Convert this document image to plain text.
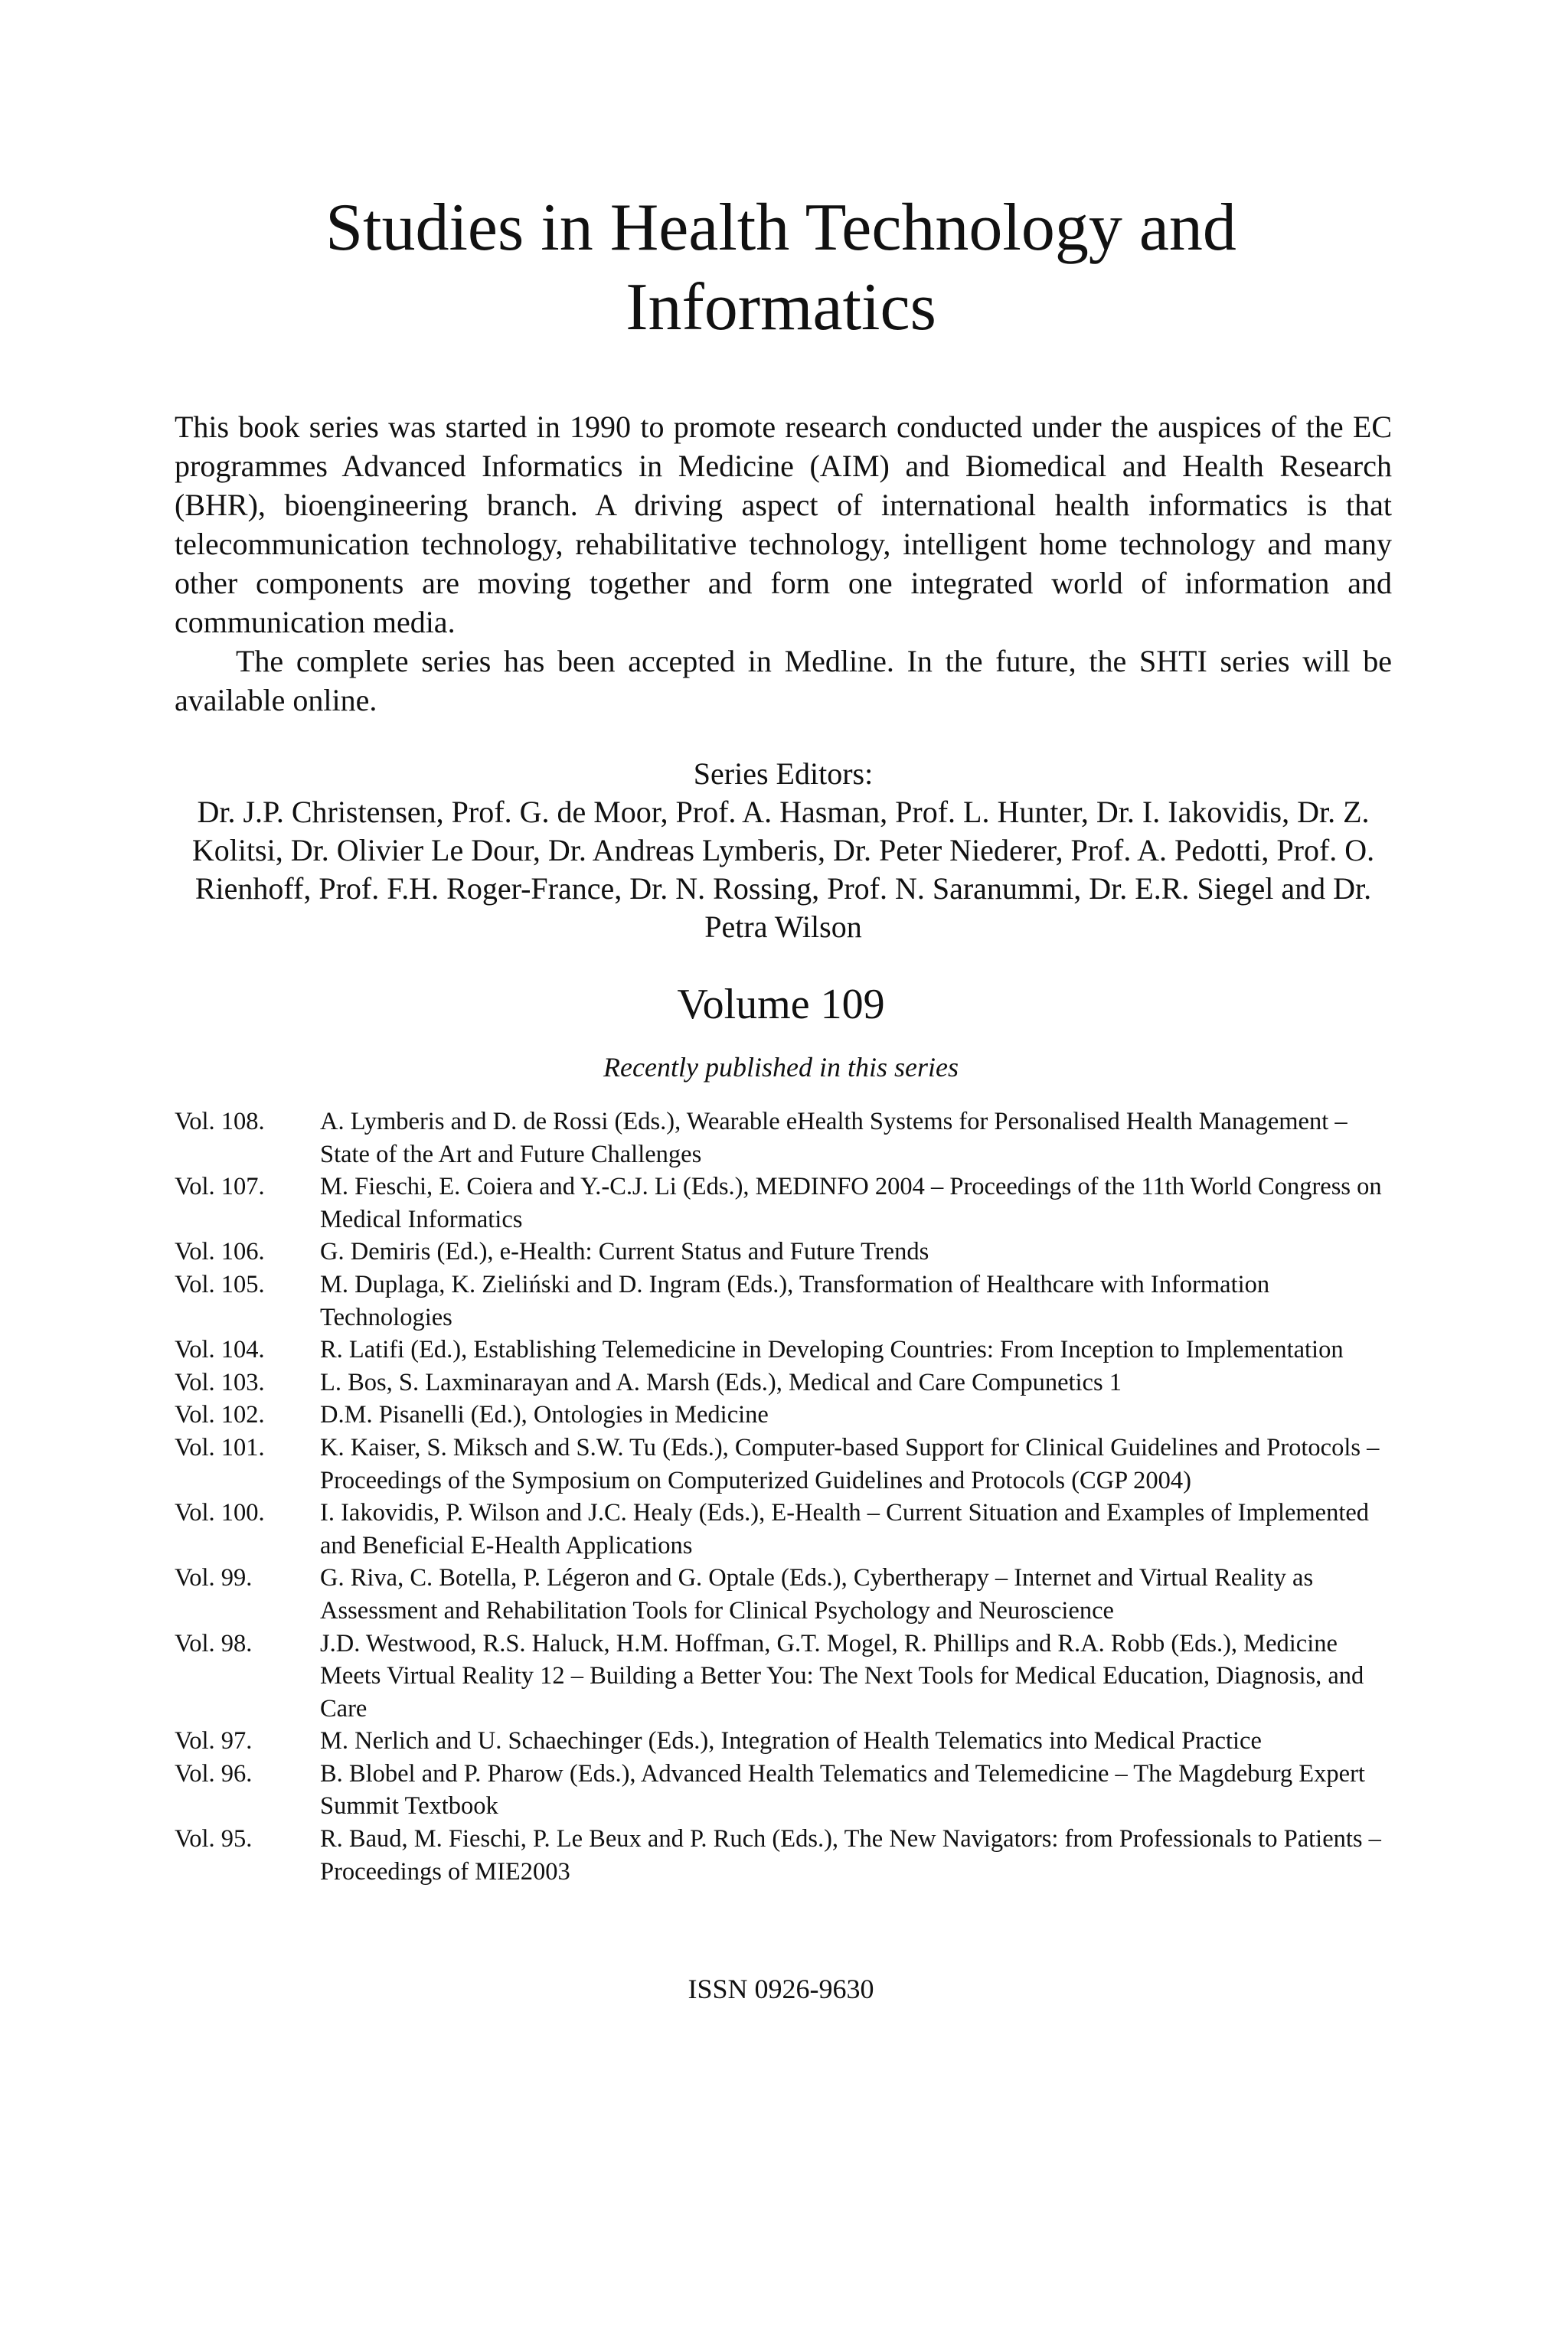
Studies in Health Technology and Informatics

This book series was started in 1990 to promote research conducted under the auspices of the EC programmes Advanced Informatics in Medicine (AIM) and Biomedical and Health Research (BHR), bioengineering branch. A driving aspect of international health informatics is that telecommunication technology, rehabilitative technology, intelligent home technology and many other components are moving together and form one integrated world of information and communication media.

The complete series has been accepted in Medline. In the future, the SHTI series will be available online.

Series Editors:
Dr. J.P. Christensen, Prof. G. de Moor, Prof. A. Hasman, Prof. L. Hunter, Dr. I. Iakovidis, Dr. Z. Kolitsi, Dr. Olivier Le Dour, Dr. Andreas Lymberis, Dr. Peter Niederer, Prof. A. Pedotti, Prof. O. Rienhoff, Prof. F.H. Roger-France, Dr. N. Rossing, Prof. N. Saranummi, Dr. E.R. Siegel and Dr. Petra Wilson
Volume 109
Recently published in this series
Vol. 108.	A. Lymberis and D. de Rossi (Eds.), Wearable eHealth Systems for Personalised Health Management – State of the Art and Future Challenges
Vol. 107.	M. Fieschi, E. Coiera and Y.-C.J. Li (Eds.), MEDINFO 2004 – Proceedings of the 11th World Congress on Medical Informatics
Vol. 106.	G. Demiris (Ed.), e-Health: Current Status and Future Trends
Vol. 105.	M. Duplaga, K. Zieliński and D. Ingram (Eds.), Transformation of Healthcare with Information Technologies
Vol. 104.	R. Latifi (Ed.), Establishing Telemedicine in Developing Countries: From Inception to Implementation
Vol. 103.	L. Bos, S. Laxminarayan and A. Marsh (Eds.), Medical and Care Compunetics 1
Vol. 102.	D.M. Pisanelli (Ed.), Ontologies in Medicine
Vol. 101.	K. Kaiser, S. Miksch and S.W. Tu (Eds.), Computer-based Support for Clinical Guidelines and Protocols – Proceedings of the Symposium on Computerized Guidelines and Protocols (CGP 2004)
Vol. 100.	I. Iakovidis, P. Wilson and J.C. Healy (Eds.), E-Health – Current Situation and Examples of Implemented and Beneficial E-Health Applications
Vol. 99.	G. Riva, C. Botella, P. Légeron and G. Optale (Eds.), Cybertherapy – Internet and Virtual Reality as Assessment and Rehabilitation Tools for Clinical Psychology and Neuroscience
Vol. 98.	J.D. Westwood, R.S. Haluck, H.M. Hoffman, G.T. Mogel, R. Phillips and R.A. Robb (Eds.), Medicine Meets Virtual Reality 12 – Building a Better You: The Next Tools for Medical Education, Diagnosis, and Care
Vol. 97.	M. Nerlich and U. Schaechinger (Eds.), Integration of Health Telematics into Medical Practice
Vol. 96.	B. Blobel and P. Pharow (Eds.), Advanced Health Telematics and Telemedicine – The Magdeburg Expert Summit Textbook
Vol. 95.	R. Baud, M. Fieschi, P. Le Beux and P. Ruch (Eds.), The New Navigators: from Professionals to Patients – Proceedings of MIE2003
ISSN 0926-9630
